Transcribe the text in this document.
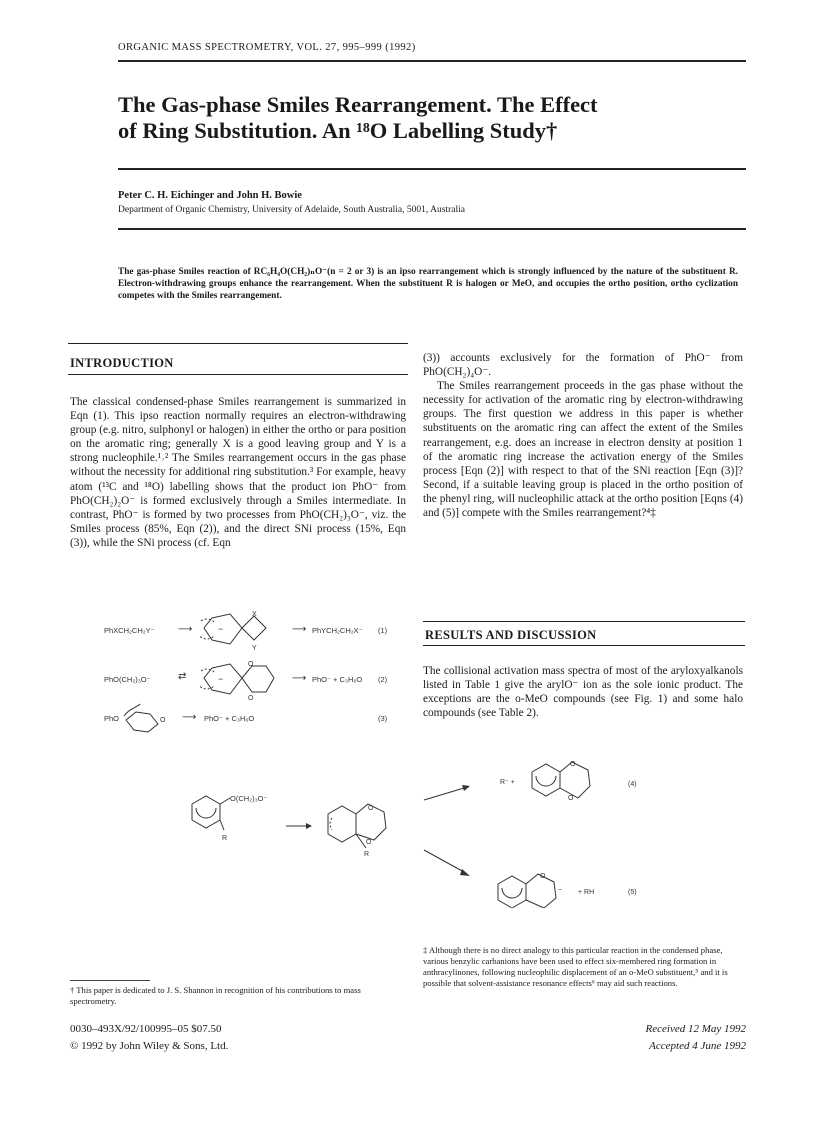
ORGANIC MASS SPECTROMETRY, VOL. 27, 995–999 (1992)
The Gas-phase Smiles Rearrangement. The Effect
of Ring Substitution. An ¹⁸O Labelling Study†
Peter C. H. Eichinger and John H. Bowie
Department of Organic Chemistry, University of Adelaide, South Australia, 5001, Australia
The gas-phase Smiles reaction of RC₆H₄O(CH₂)ₙO⁻(n = 2 or 3) is an ipso rearrangement which is strongly influenced by the nature of the substituent R. Electron-withdrawing groups enhance the rearrangement. When the substituent R is halogen or MeO, and occupies the ortho position, ortho cyclization competes with the Smiles rearrangement.
INTRODUCTION

The classical condensed-phase Smiles rearrangement is summarized in Eqn (1). This ipso reaction normally requires an electron-withdrawing group (e.g. nitro, sulphonyl or halogen) in either the ortho or para position on the aromatic ring; generally X is a good leaving group and Y is a strong nucleophile.¹˒² The Smiles rearrangement occurs in the gas phase without the necessity for additional ring substitution.³ For example, heavy atom (¹³C and ¹⁸O) labelling shows that the product ion PhO⁻ from PhO(CH₂)₂O⁻ is formed exclusively through a Smiles intermediate. In contrast, PhO⁻ is formed by two processes from PhO(CH₂)₃O⁻, viz. the Smiles process (85%, Eqn (2)), and the direct SNi process (15%, Eqn (3)), while the SNi process (cf. Eqn

(3)) accounts exclusively for the formation of PhO⁻ from PhO(CH₂)₄O⁻.

The Smiles rearrangement proceeds in the gas phase without the necessity for activation of the aromatic ring by electron-withdrawing groups. The first question we address in this paper is whether substituents on the aromatic ring can affect the extent of the Smiles rearrangement, e.g. does an increase in electron density at position 1 of the aromatic ring increase the activation energy of the Smiles process [Eqn (2)] with respect to that of the SNi reaction [Eqn (3)]? Second, if a suitable leaving group is placed in the ortho position of the phenyl ring, will nucleophilic attack at the ortho position [Eqns (4) and (5)] compete with the Smiles rearrangement?⁴‡

RESULTS AND DISCUSSION

The collisional activation mass spectra of most of the aryloxyalkanols listed in Table 1 give the arylO⁻ ion as the sole ionic product. The exceptions are the o-MeO compounds (see Fig. 1) and some halo compounds (see Table 2).

PhXCH₂CH₂Y⁻ ⟶	−
X
Y
⟶ PhYCH₂CH₂X⁻ (1)
PhO(CH₂)₃O⁻	⇄	−
O
O
⟶ PhO⁻ + C₃H₆O (2)
PhO	O ⟶ PhO⁻ + C₃H₆O	(3)
O(CH₂)₃O⁻
R
O
O
R
R⁻ +
O
O
(4)
O
− + RH	(5)
‡ Although there is no direct analogy to this particular reaction in the condensed phase, various benzylic carbanions have been used to effect six-membered ring formation in anthracylinones, following nucleophilic displacement of an o-MeO substituent,⁵ and it is possible that solvent-assistance resonance effects⁶ may aid such reactions.
† This paper is dedicated to J. S. Shannon in recognition of his contributions to mass spectrometry.
0030–493X/92/100995–05 $07.50
© 1992 by John Wiley & Sons, Ltd.
Received 12 May 1992
Accepted 4 June 1992
